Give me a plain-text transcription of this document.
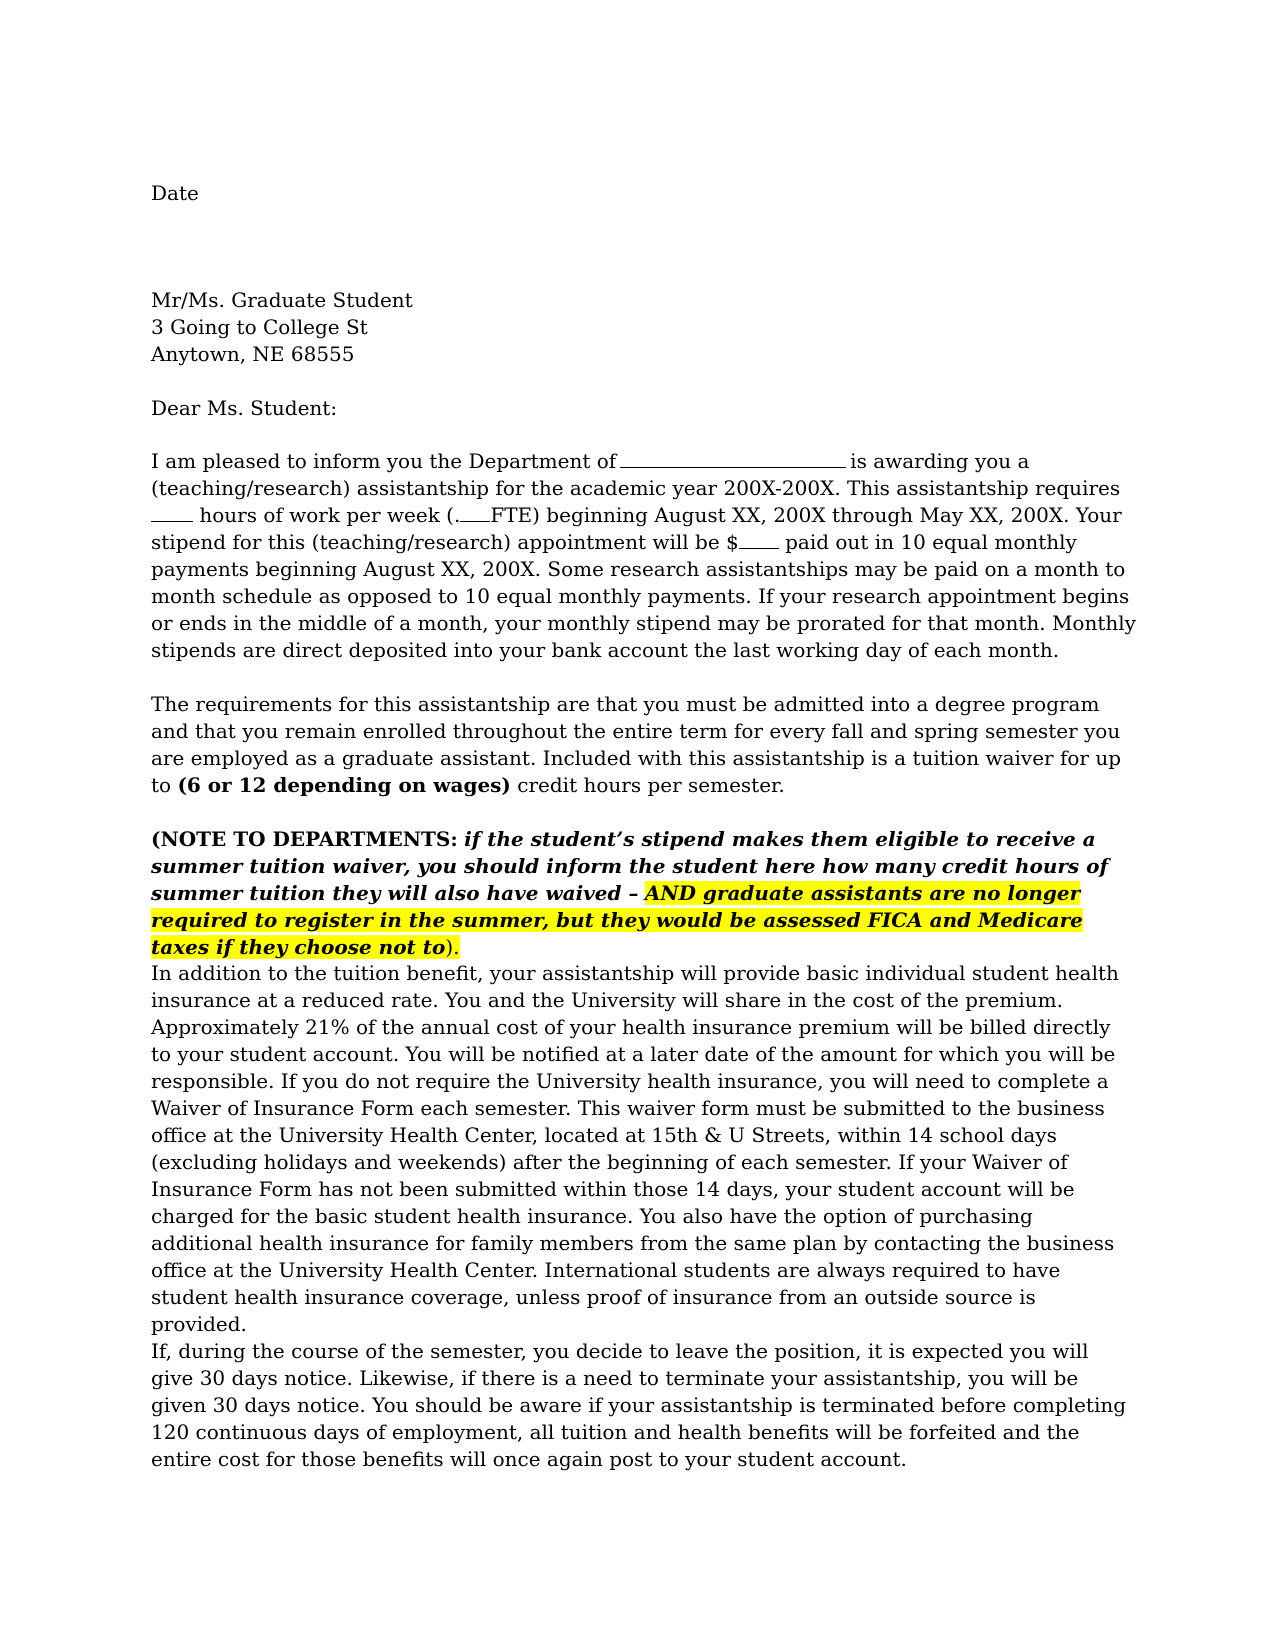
Date

Mr/Ms. Graduate Student
3 Going to College St
Anytown, NE 68555

Dear Ms. Student:

I am pleased to inform you the Department of	is awarding you a (teaching/research) assistantship for the academic year 200X-200X. This assistantship requires hours of work per week (. FTE) beginning August XX, 200X through May XX, 200X. Your stipend for this (teaching/research) appointment will be $ paid out in 10 equal monthly payments beginning August XX, 200X. Some research assistantships may be paid on a month to month schedule as opposed to 10 equal monthly payments. If your research appointment begins or ends in the middle of a month, your monthly stipend may be prorated for that month. Monthly stipends are direct deposited into your bank account the last working day of each month.

The requirements for this assistantship are that you must be admitted into a degree program and that you remain enrolled throughout the entire term for every fall and spring semester you are employed as a graduate assistant. Included with this assistantship is a tuition waiver for up to (6 or 12 depending on wages) credit hours per semester.

(NOTE TO DEPARTMENTS: if the student’s stipend makes them eligible to receive a summer tuition waiver, you should inform the student here how many credit hours of summer tuition they will also have waived – AND graduate assistants are no longer required to register in the summer, but they would be assessed FICA and Medicare taxes if they choose not to).

In addition to the tuition benefit, your assistantship will provide basic individual student health insurance at a reduced rate. You and the University will share in the cost of the premium. Approximately 21% of the annual cost of your health insurance premium will be billed directly to your student account. You will be notified at a later date of the amount for which you will be responsible. If you do not require the University health insurance, you will need to complete a Waiver of Insurance Form each semester. This waiver form must be submitted to the business office at the University Health Center, located at 15th & U Streets, within 14 school days (excluding holidays and weekends) after the beginning of each semester. If your Waiver of Insurance Form has not been submitted within those 14 days, your student account will be charged for the basic student health insurance. You also have the option of purchasing additional health insurance for family members from the same plan by contacting the business office at the University Health Center. International students are always required to have student health insurance coverage, unless proof of insurance from an outside source is provided.

If, during the course of the semester, you decide to leave the position, it is expected you will give 30 days notice. Likewise, if there is a need to terminate your assistantship, you will be given 30 days notice. You should be aware if your assistantship is terminated before completing 120 continuous days of employment, all tuition and health benefits will be forfeited and the entire cost for those benefits will once again post to your student account.
